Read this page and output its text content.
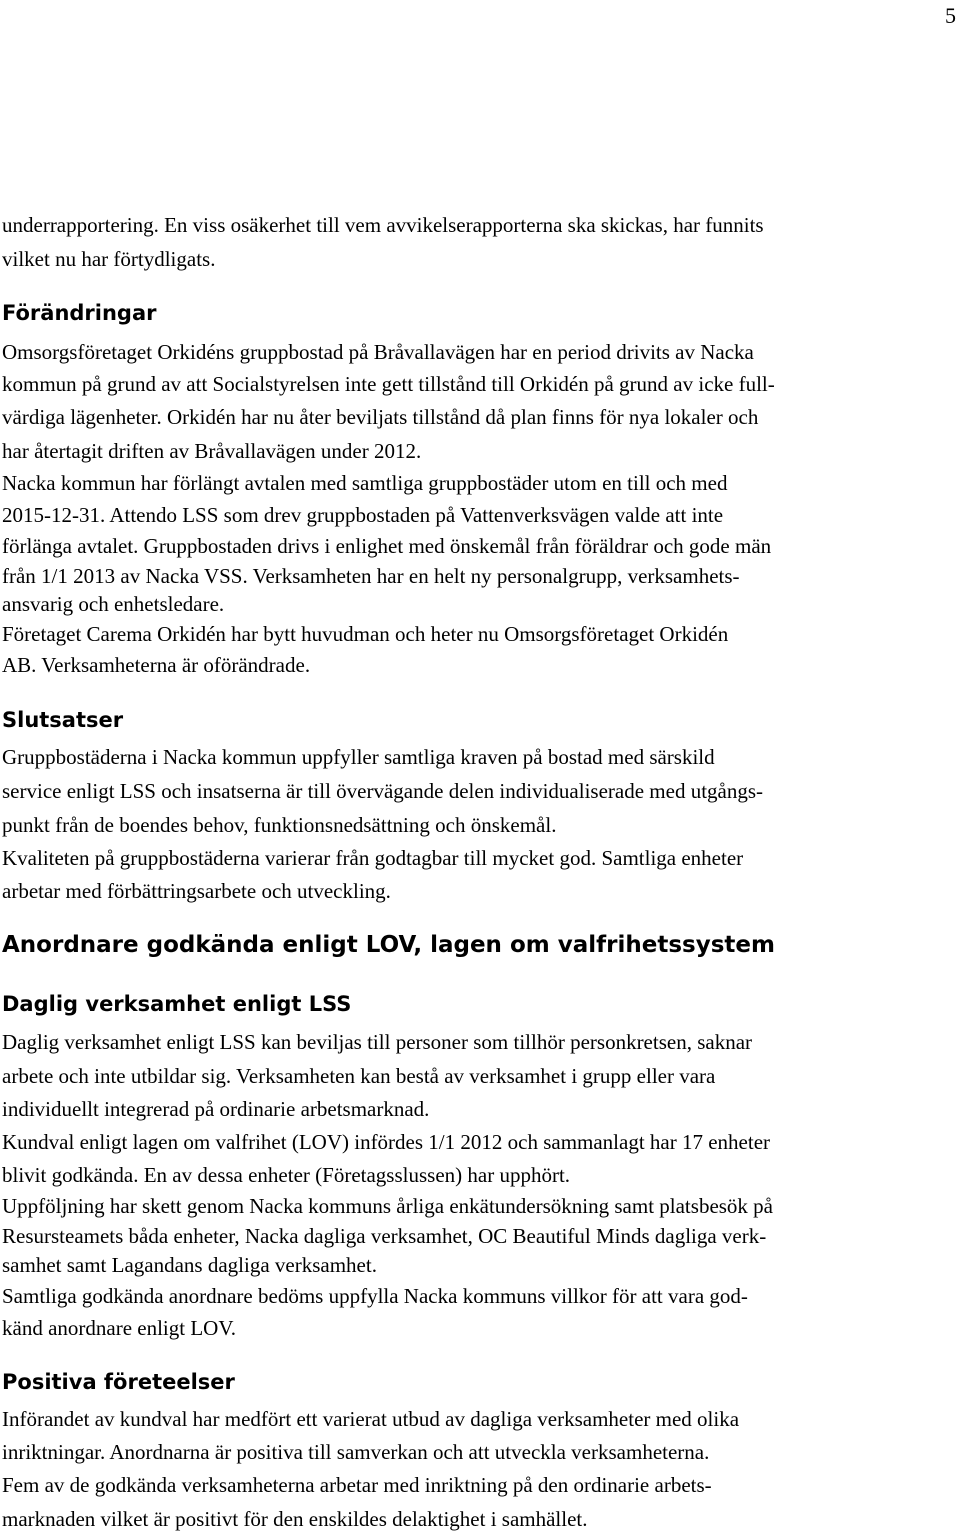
5
underrapportering. En viss osäkerhet till vem avvikelserapporterna ska skickas, har funnits
vilket nu har förtydligats.
Förändringar
Omsorgsföretaget Orkidéns gruppbostad på Bråvallavägen har en period drivits av Nacka
kommun på grund av att Socialstyrelsen inte gett tillstånd till Orkidén på grund av icke full-
värdiga lägenheter. Orkidén har nu åter beviljats tillstånd då plan finns för nya lokaler och
har återtagit driften av Bråvallavägen under 2012.
Nacka kommun har förlängt avtalen med samtliga gruppbostäder utom en till och med
2015-12-31. Attendo LSS som drev gruppbostaden på Vattenverksvägen valde att inte
förlänga avtalet. Gruppbostaden drivs i enlighet med önskemål från föräldrar och gode män
från 1/1 2013 av Nacka VSS. Verksamheten har en helt ny personalgrupp, verksamhets-
ansvarig och enhetsledare.
Företaget Carema Orkidén har bytt huvudman och heter nu Omsorgsföretaget Orkidén
AB. Verksamheterna är oförändrade.
Slutsatser
Gruppbostäderna i Nacka kommun uppfyller samtliga kraven på bostad med särskild
service enligt LSS och insatserna är till övervägande delen individualiserade med utgångs-
punkt från de boendes behov, funktionsnedsättning och önskemål.
Kvaliteten på gruppbostäderna varierar från godtagbar till mycket god. Samtliga enheter
arbetar med förbättringsarbete och utveckling.
Anordnare godkända enligt LOV, lagen om valfrihetssystem
Daglig verksamhet enligt LSS
Daglig verksamhet enligt LSS kan beviljas till personer som tillhör personkretsen, saknar
arbete och inte utbildar sig. Verksamheten kan bestå av verksamhet i grupp eller vara
individuellt integrerad på ordinarie arbetsmarknad.
Kundval enligt lagen om valfrihet (LOV) infördes 1/1 2012 och sammanlagt har 17 enheter
blivit godkända. En av dessa enheter (Företagsslussen) har upphört.
Uppföljning har skett genom Nacka kommuns årliga enkätundersökning samt platsbesök på
Resursteamets båda enheter, Nacka dagliga verksamhet, OC Beautiful Minds dagliga verk-
samhet samt Lagandans dagliga verksamhet.
Samtliga godkända anordnare bedöms uppfylla Nacka kommuns villkor för att vara god-
känd anordnare enligt LOV.
Positiva företeelser
Införandet av kundval har medfört ett varierat utbud av dagliga verksamheter med olika
inriktningar. Anordnarna är positiva till samverkan och att utveckla verksamheterna.
Fem av de godkända verksamheterna arbetar med inriktning på den ordinarie arbets-
marknaden vilket är positivt för den enskildes delaktighet i samhället.
